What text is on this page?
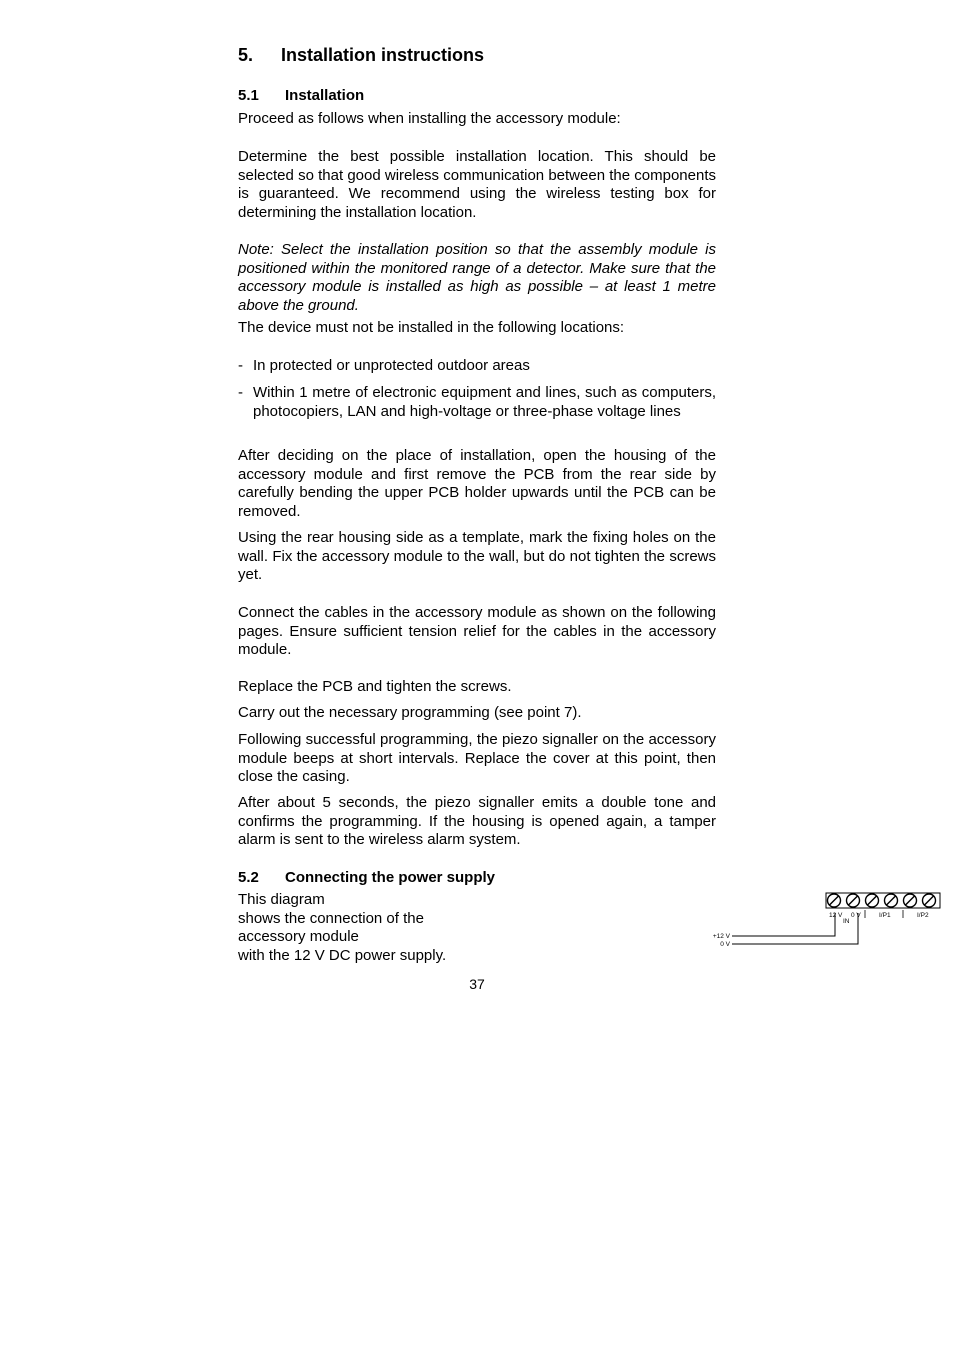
5. Installation instructions
5.1 Installation

Proceed as follows when installing the accessory module:

Determine the best possible installation location. This should be selected so that good wireless communication between the components is guaranteed. We recommend using the wireless testing box for determining the installation location.

Note: Select the installation position so that the assembly module is positioned within the monitored range of a detector. Make sure that the accessory module is installed as high as possible – at least 1 metre above the ground.

The device must not be installed in the following locations:

- In protected or unprotected outdoor areas
- Within 1 metre of electronic equipment and lines, such as computers, photocopiers, LAN and high-voltage or three-phase voltage lines

After deciding on the place of installation, open the housing of the accessory module and first remove the PCB from the rear side by carefully bending the upper PCB holder upwards until the PCB can be removed.

Using the rear housing side as a template, mark the fixing holes on the wall. Fix the accessory module to the wall, but do not tighten the screws yet.

Connect the cables in the accessory module as shown on the following pages. Ensure sufficient tension relief for the cables in the accessory module.

Replace the PCB and tighten the screws.

Carry out the necessary programming (see point 7).

Following successful programming, the piezo signaller on the accessory module beeps at short intervals. Replace the cover at this point, then close the casing.

After about 5 seconds, the piezo signaller emits a double tone and confirms the programming. If the housing is opened again, a tamper alarm is sent to the wireless alarm system.

5.2 Connecting the power supply
This diagram
shows the connection of the
accessory module
with the 12 V DC power supply.
12 V 0 V
IN
I/P1	I/P2
+12 V
0 V
37
